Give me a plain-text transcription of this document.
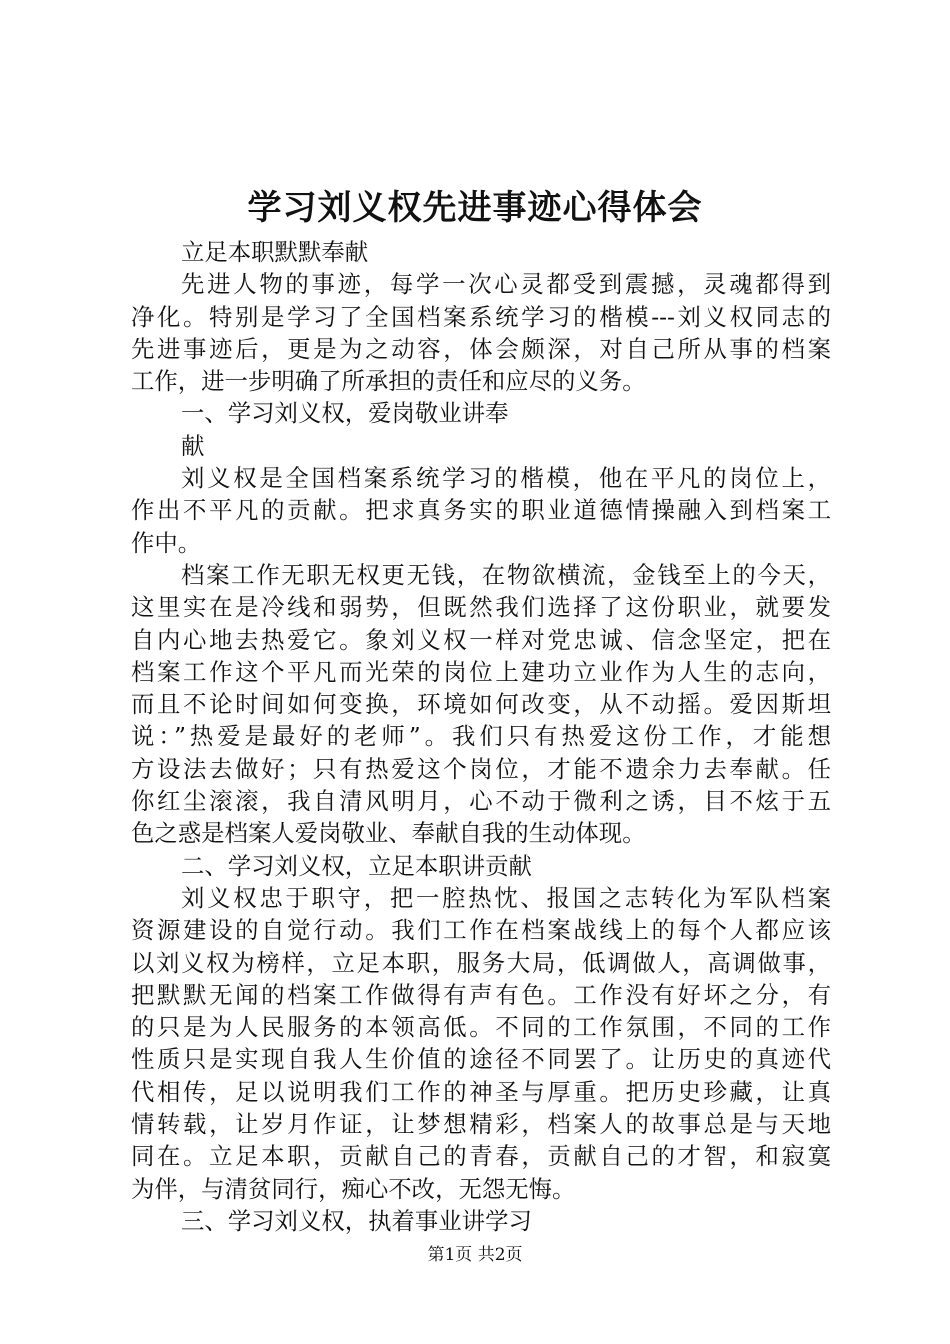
学习刘义权先进事迹心得体会
立足本职默默奉献
先进人物的事迹，每学一次心灵都受到震撼，灵魂都得到
净化。特别是学习了全国档案系统学习的楷模---刘义权同志的
先进事迹后，更是为之动容，体会颇深，对自己所从事的档案
工作，进一步明确了所承担的责任和应尽的义务。
一、学习刘义权，爱岗敬业讲奉
献
刘义权是全国档案系统学习的楷模，他在平凡的岗位上，
作出不平凡的贡献。把求真务实的职业道德情操融入到档案工
作中。
档案工作无职无权更无钱，在物欲横流，金钱至上的今天，
这里实在是冷线和弱势，但既然我们选择了这份职业，就要发
自内心地去热爱它。象刘义权一样对党忠诚、信念坚定，把在
档案工作这个平凡而光荣的岗位上建功立业作为人生的志向，
而且不论时间如何变换，环境如何改变，从不动摇。爱因斯坦
说：”热爱是最好的老师”。我们只有热爱这份工作，才能想
方设法去做好；只有热爱这个岗位，才能不遗余力去奉献。任
你红尘滚滚，我自清风明月，心不动于微利之诱，目不炫于五
色之惑是档案人爱岗敬业、奉献自我的生动体现。
二、学习刘义权，立足本职讲贡献
刘义权忠于职守，把一腔热忱、报国之志转化为军队档案
资源建设的自觉行动。我们工作在档案战线上的每个人都应该
以刘义权为榜样，立足本职，服务大局，低调做人，高调做事，
把默默无闻的档案工作做得有声有色。工作没有好坏之分，有
的只是为人民服务的本领高低。不同的工作氛围，不同的工作
性质只是实现自我人生价值的途径不同罢了。让历史的真迹代
代相传，足以说明我们工作的神圣与厚重。把历史珍藏，让真
情转载，让岁月作证，让梦想精彩，档案人的故事总是与天地
同在。立足本职，贡献自己的青春，贡献自己的才智，和寂寞
为伴，与清贫同行，痴心不改，无怨无悔。
三、学习刘义权，执着事业讲学习
第1页 共2页
